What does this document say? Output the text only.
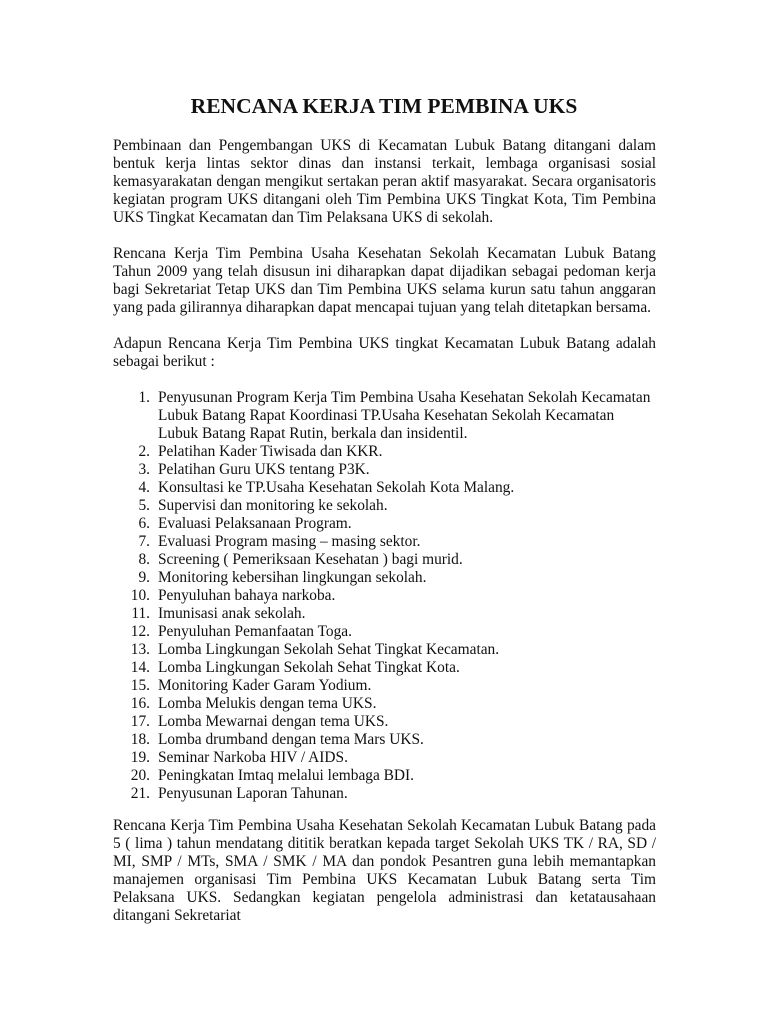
RENCANA KERJA TIM PEMBINA UKS

Pembinaan dan Pengembangan UKS di Kecamatan Lubuk Batang ditangani dalam bentuk kerja lintas sektor dinas dan instansi terkait, lembaga organisasi sosial kemasyarakatan dengan mengikut sertakan peran aktif masyarakat. Secara organisatoris kegiatan program UKS ditangani oleh Tim Pembina UKS Tingkat Kota, Tim Pembina UKS Tingkat Kecamatan dan Tim Pelaksana UKS di sekolah.

Rencana Kerja Tim Pembina Usaha Kesehatan Sekolah Kecamatan Lubuk Batang Tahun 2009 yang telah disusun ini diharapkan dapat dijadikan sebagai pedoman kerja bagi Sekretariat Tetap UKS dan Tim Pembina UKS selama kurun satu tahun anggaran yang pada gilirannya diharapkan dapat mencapai tujuan yang telah ditetapkan bersama.

Adapun Rencana Kerja Tim Pembina UKS tingkat Kecamatan Lubuk Batang adalah sebagai berikut :

1. Penyusunan Program Kerja Tim Pembina Usaha Kesehatan Sekolah Kecamatan Lubuk Batang Rapat Koordinasi TP.Usaha Kesehatan Sekolah Kecamatan Lubuk Batang Rapat Rutin, berkala dan insidentil.
2. Pelatihan Kader Tiwisada dan KKR.
3. Pelatihan Guru UKS tentang P3K.
4. Konsultasi ke TP.Usaha Kesehatan Sekolah Kota Malang.
5. Supervisi dan monitoring ke sekolah.
6. Evaluasi Pelaksanaan Program.
7. Evaluasi Program masing – masing sektor.
8. Screening ( Pemeriksaan Kesehatan ) bagi murid.
9. Monitoring kebersihan lingkungan sekolah.
10. Penyuluhan bahaya narkoba.
11. Imunisasi anak sekolah.
12. Penyuluhan Pemanfaatan Toga.
13. Lomba Lingkungan Sekolah Sehat Tingkat Kecamatan.
14. Lomba Lingkungan Sekolah Sehat Tingkat Kota.
15. Monitoring Kader Garam Yodium.
16. Lomba Melukis dengan tema UKS.
17. Lomba Mewarnai dengan tema UKS.
18. Lomba drumband dengan tema Mars UKS.
19. Seminar Narkoba HIV / AIDS.
20. Peningkatan Imtaq melalui lembaga BDI.
21. Penyusunan Laporan Tahunan.

Rencana Kerja Tim Pembina Usaha Kesehatan Sekolah Kecamatan Lubuk Batang pada 5 ( lima ) tahun mendatang dititik beratkan kepada target Sekolah UKS TK / RA, SD / MI, SMP / MTs, SMA / SMK / MA dan pondok Pesantren guna lebih memantapkan manajemen organisasi Tim Pembina UKS Kecamatan Lubuk Batang serta Tim Pelaksana UKS. Sedangkan kegiatan pengelola administrasi dan ketatausahaan ditangani Sekretariat
